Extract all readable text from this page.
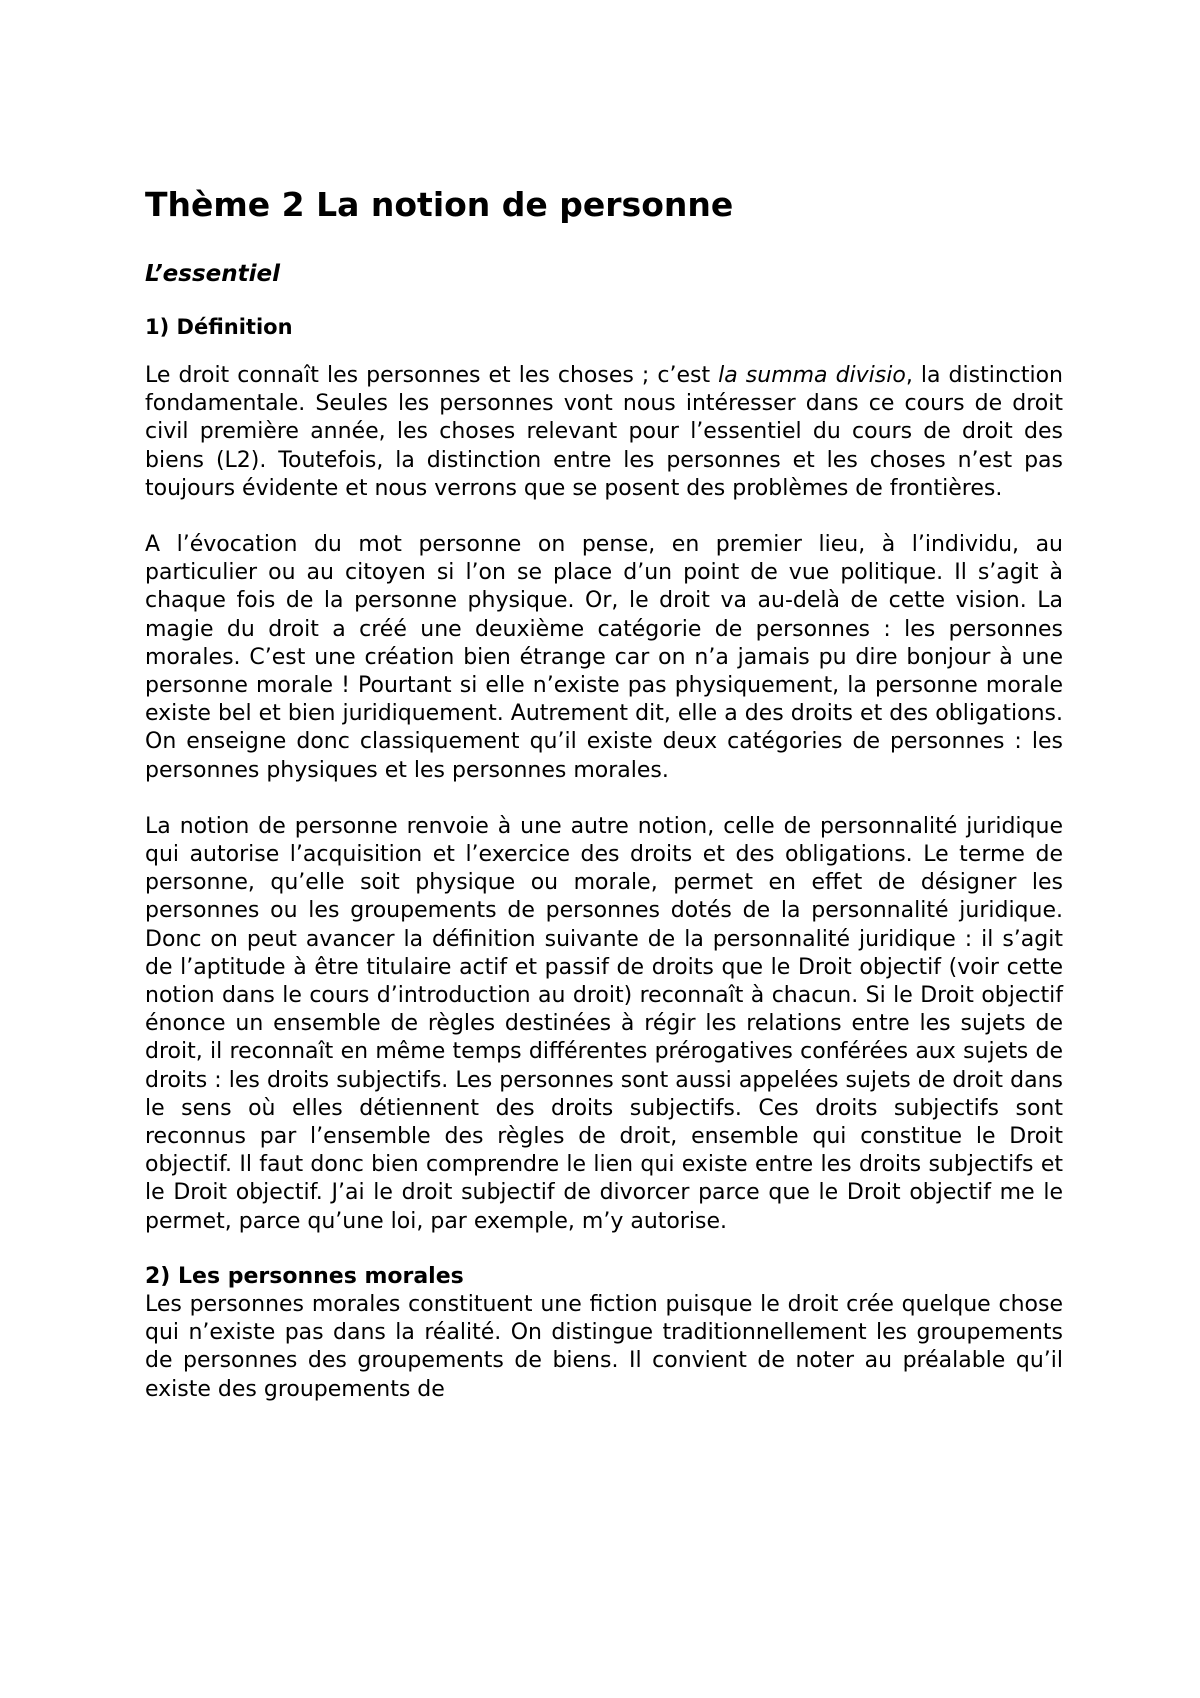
Thème 2 La notion de personne
L’essentiel
1) Définition

Le droit connaît les personnes et les choses ; c’est la summa divisio, la distinction fondamentale. Seules les personnes vont nous intéresser dans ce cours de droit civil première année, les choses relevant pour l’essentiel du cours de droit des biens (L2). Toutefois, la distinction entre les personnes et les choses n’est pas toujours évidente et nous verrons que se posent des problèmes de frontières.

A l’évocation du mot personne on pense, en premier lieu, à l’individu, au particulier ou au citoyen si l’on se place d’un point de vue politique. Il s’agit à chaque fois de la personne physique. Or, le droit va au-delà de cette vision. La magie du droit a créé une deuxième catégorie de personnes : les personnes morales. C’est une création bien étrange car on n’a jamais pu dire bonjour à une personne morale ! Pourtant si elle n’existe pas physiquement, la personne morale existe bel et bien juridiquement. Autrement dit, elle a des droits et des obligations. On enseigne donc classiquement qu’il existe deux catégories de personnes : les personnes physiques et les personnes morales.

La notion de personne renvoie à une autre notion, celle de personnalité juridique qui autorise l’acquisition et l’exercice des droits et des obligations. Le terme de personne, qu’elle soit physique ou morale, permet en effet de désigner les personnes ou les groupements de personnes dotés de la personnalité juridique. Donc on peut avancer la définition suivante de la personnalité juridique : il s’agit de l’aptitude à être titulaire actif et passif de droits que le Droit objectif (voir cette notion dans le cours d’introduction au droit) reconnaît à chacun. Si le Droit objectif énonce un ensemble de règles destinées à régir les relations entre les sujets de droit, il reconnaît en même temps différentes prérogatives conférées aux sujets de droits : les droits subjectifs. Les personnes sont aussi appelées sujets de droit dans le sens où elles détiennent des droits subjectifs. Ces droits subjectifs sont reconnus par l’ensemble des règles de droit, ensemble qui constitue le Droit objectif. Il faut donc bien comprendre le lien qui existe entre les droits subjectifs et le Droit objectif. J’ai le droit subjectif de divorcer parce que le Droit objectif me le permet, parce qu’une loi, par exemple, m’y autorise.

2) Les personnes morales

Les personnes morales constituent une fiction puisque le droit crée quelque chose qui n’existe pas dans la réalité. On distingue traditionnellement les groupements de personnes des groupements de biens. Il convient de noter au préalable qu’il existe des groupements de
